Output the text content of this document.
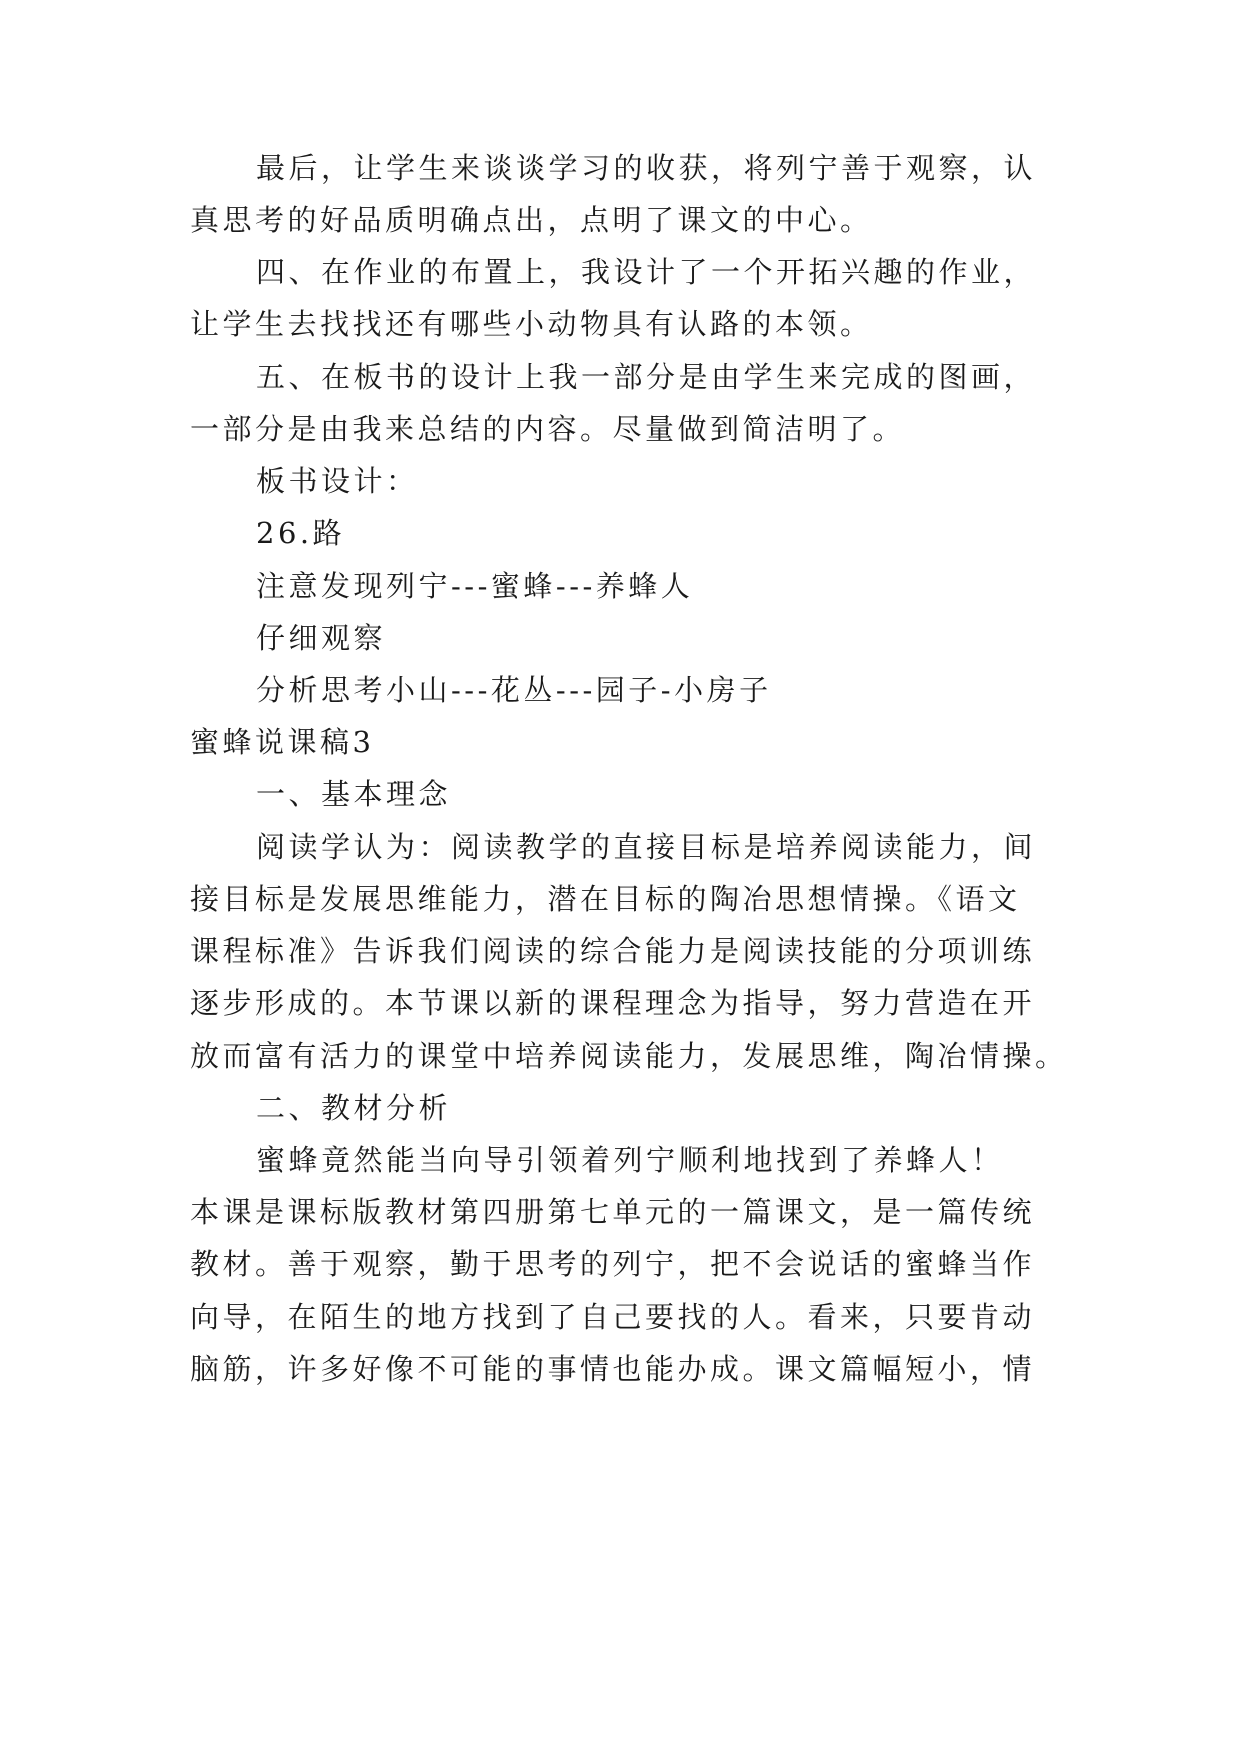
最后，让学生来谈谈学习的收获，将列宁善于观察，认
真思考的好品质明确点出，点明了课文的中心。
四、在作业的布置上，我设计了一个开拓兴趣的作业，
让学生去找找还有哪些小动物具有认路的本领。
五、在板书的设计上我一部分是由学生来完成的图画，
一部分是由我来总结的内容。尽量做到简洁明了。
板书设计：
26.路
注意发现列宁---蜜蜂---养蜂人
仔细观察
分析思考小山---花丛---园子-小房子
蜜蜂说课稿3
一、基本理念
阅读学认为：阅读教学的直接目标是培养阅读能力，间
接目标是发展思维能力，潜在目标的陶冶思想情操。《语文
课程标准》告诉我们阅读的综合能力是阅读技能的分项训练
逐步形成的。本节课以新的课程理念为指导，努力营造在开
放而富有活力的课堂中培养阅读能力，发展思维，陶冶情操。
二、教材分析
蜜蜂竟然能当向导引领着列宁顺利地找到了养蜂人！
本课是课标版教材第四册第七单元的一篇课文，是一篇传统
教材。善于观察，勤于思考的列宁，把不会说话的蜜蜂当作
向导，在陌生的地方找到了自己要找的人。看来，只要肯动
脑筋，许多好像不可能的事情也能办成。课文篇幅短小，情
